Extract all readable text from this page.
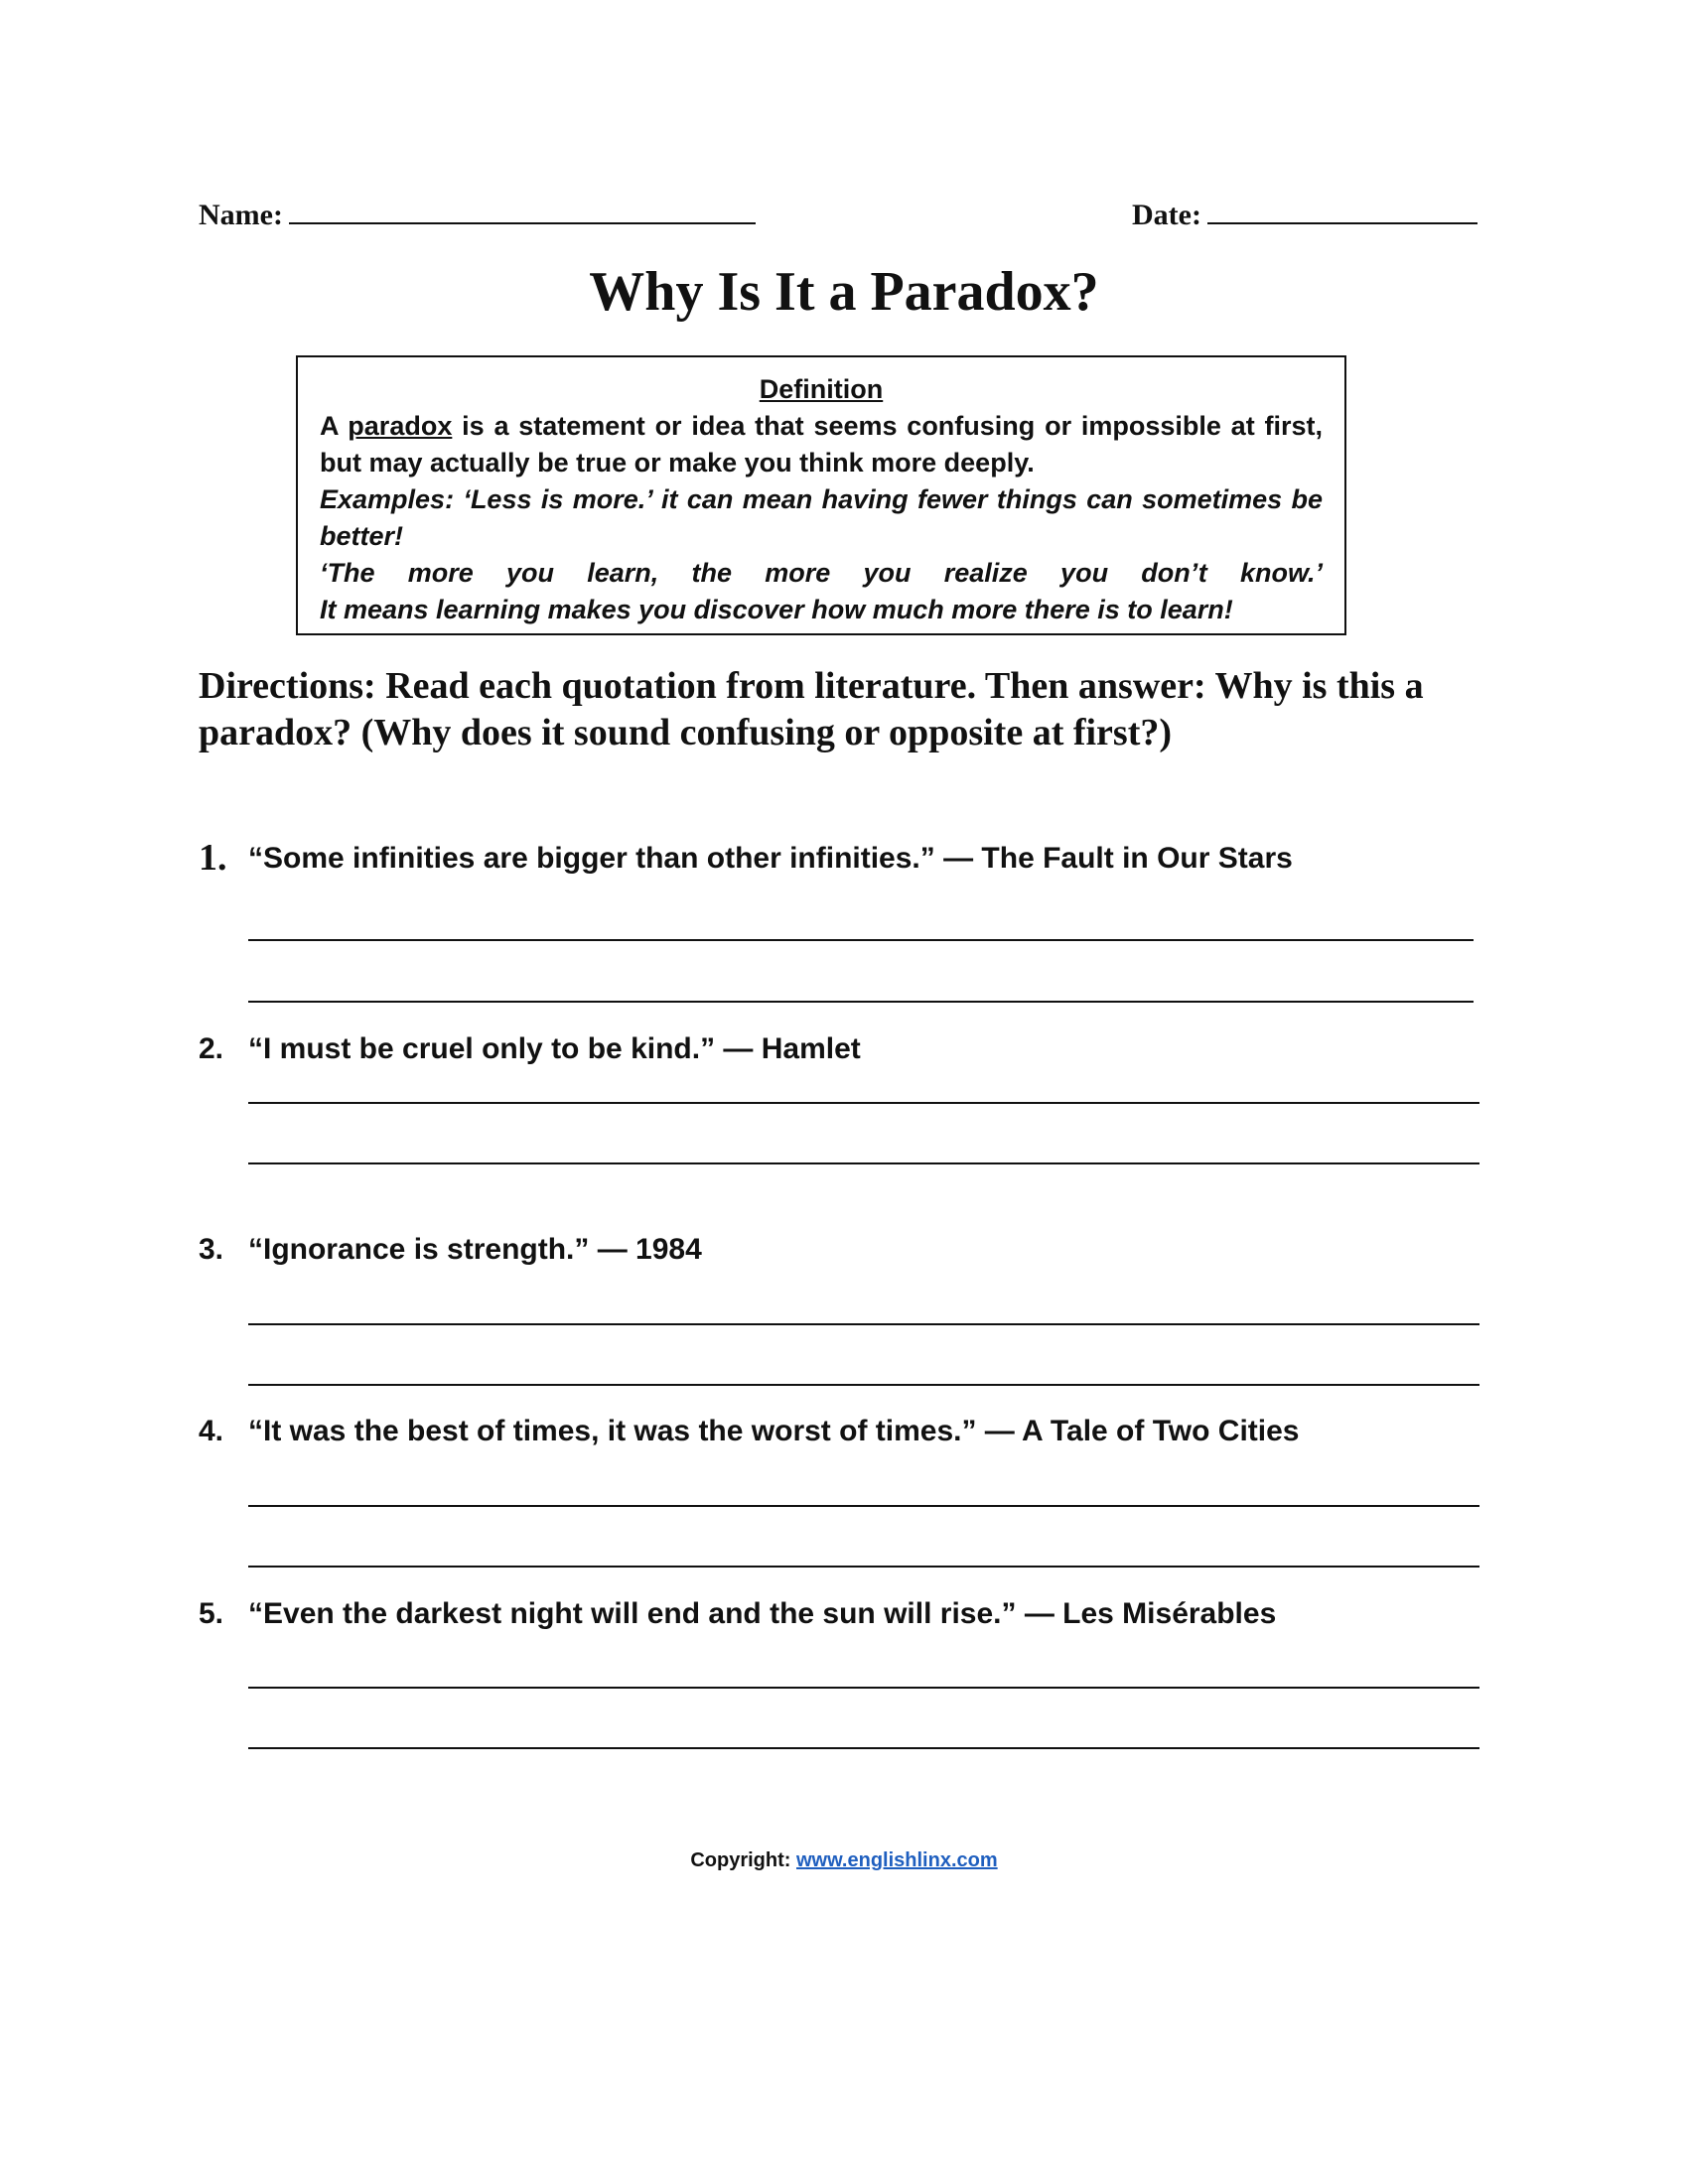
Name:	Date:
Why Is It a Paradox?
Definition
A paradox is a statement or idea that seems confusing or impossible at first, but may actually be true or make you think more deeply.
Examples: ‘Less is more.’ it can mean having fewer things can sometimes be better!
‘The more you learn, the more you realize you don’t know.’
It means learning makes you discover how much more there is to learn!
Directions: Read each quotation from literature. Then answer: Why is this a paradox? (Why does it sound confusing or opposite at first?)
1. “Some infinities are bigger than other infinities.” — The Fault in Our Stars
2. “I must be cruel only to be kind.” — Hamlet
3. “Ignorance is strength.” — 1984
4. “It was the best of times, it was the worst of times.” — A Tale of Two Cities
5. “Even the darkest night will end and the sun will rise.” — Les Misérables
Copyright: www.englishlinx.com
